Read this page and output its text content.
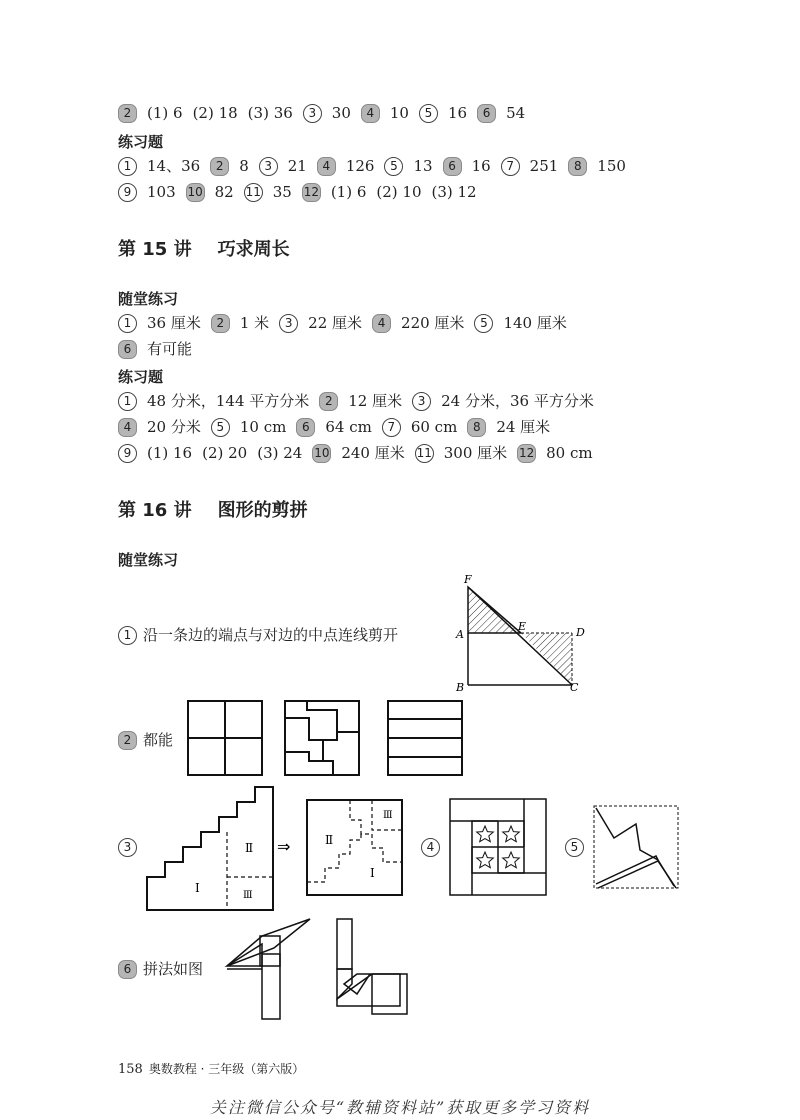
2 (1) 6 (2) 18 (3) 36 3 30 4 10 5 16 6 54
练习题
1 14、36 2 8 3 21 4 126 5 13 6 16 7 251 8 150
9 103 10 82 11 35 12 (1) 6 (2) 10 (3) 12
第 15 讲 巧求周长
随堂练习
1 36 厘米 2 1 米 3 22 厘米 4 220 厘米 5 140 厘米
6 有可能
练习题
1 48 分米，144 平方分米 2 12 厘米 3 24 分米，36 平方分米
4 20 分米 5 10 cm 6 64 cm 7 60 cm 8 24 厘米
9 (1) 16 (2) 20 (3) 24 10 240 厘米 11 300 厘米 12 80 cm
第 16 讲 图形的剪拼
随堂练习
1 沿一条边的端点与对边的中点连线剪开
F
A
E	D
B	C
2 都能
3	Ⅱ
Ⅰ
Ⅲ
⇒	Ⅱ
Ⅲ
Ⅰ
4	5
6 拼法如图
158 奥数教程 · 三年级（第六版）
关注微信公众号“教辅资料站”获取更多学习资料
